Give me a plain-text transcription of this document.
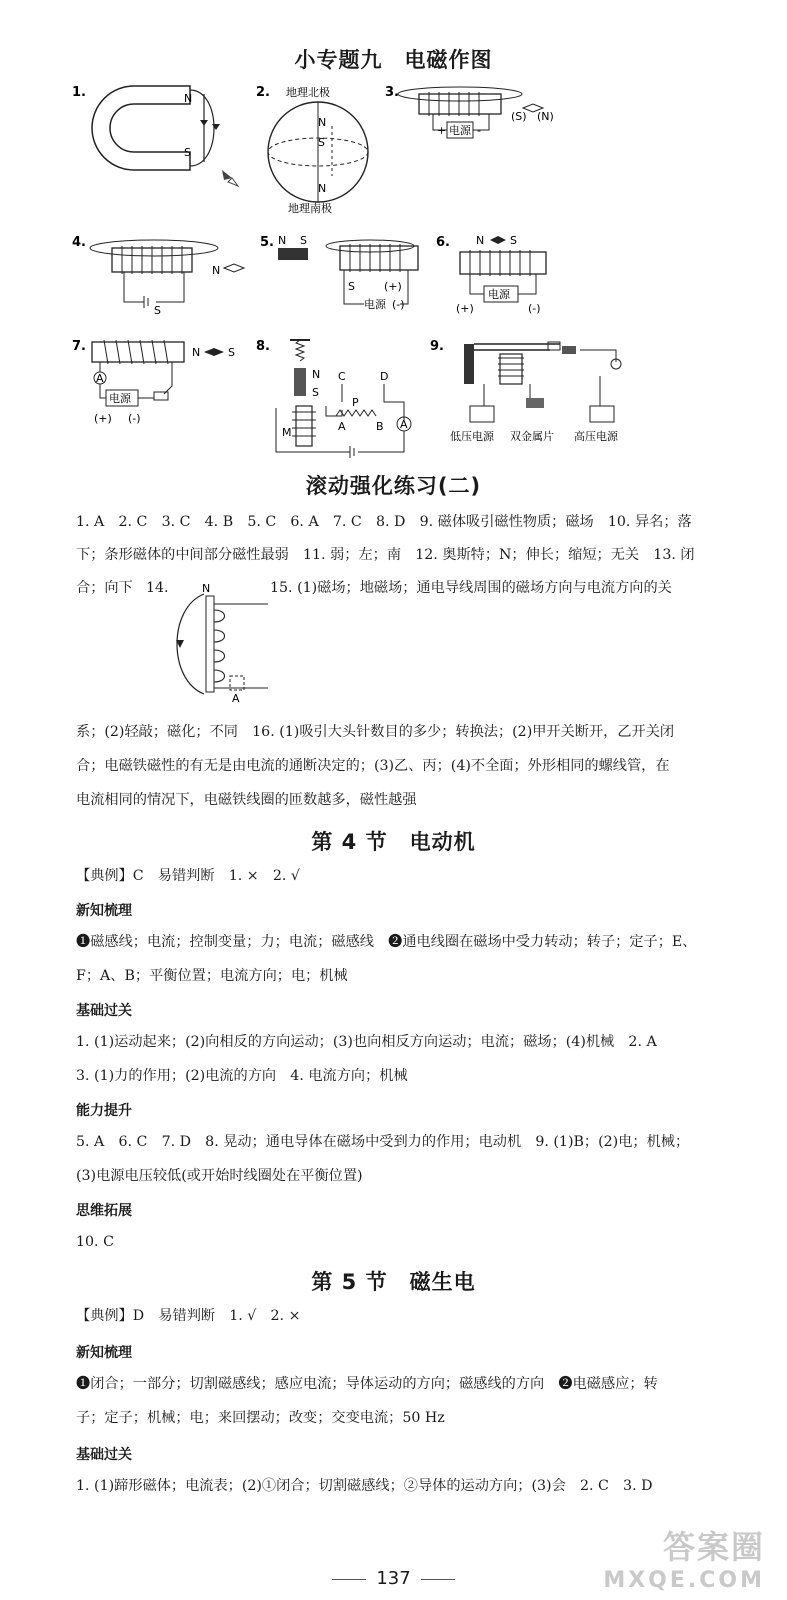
小专题九　电磁作图
1.	N
S
2. 地理北极
N
S
N
地理南极
3.
电源
+	-
(S) (N)
4.
S
N
5. N S
S	(+)
电源 (-)
6. N S
电源
(+)	(-)
7.	N	S
A
电源
(+) (-)
8.
N
S
M
C	D
P
A	B A
9.
低压电源 双金属片 高压电源
滚动强化练习(二)
1. A　2. C　3. C　4. B　5. C　6. A　7. C　8. D　9. 磁体吸引磁性物质；磁场　10. 异名；落
下；条形磁体的中间部分磁性最弱　11. 弱；左；南　12. 奥斯特；N；伸长；缩短；无关　13. 闭
合；向下 14.	15. (1)磁场；地磁场；通电导线周围的磁场方向与电流方向的关
N
A
系；(2)轻敲；磁化；不同　16. (1)吸引大头针数目的多少；转换法；(2)甲开关断开，乙开关闭
合；电磁铁磁性的有无是由电流的通断决定的；(3)乙、丙；(4)不全面；外形相同的螺线管，在
电流相同的情况下，电磁铁线圈的匝数越多，磁性越强
第 4 节　电动机
【典例】C　易错判断　1. ×　2. √
新知梳理
❶磁感线；电流；控制变量；力；电流；磁感线　❷通电线圈在磁场中受力转动；转子；定子；E、
F；A、B；平衡位置；电流方向；电；机械
基础过关
1. (1)运动起来；(2)向相反的方向运动；(3)也向相反方向运动；电流；磁场；(4)机械　2. A
3. (1)力的作用；(2)电流的方向　4. 电流方向；机械
能力提升
5. A　6. C　7. D　8. 晃动；通电导体在磁场中受到力的作用；电动机　9. (1)B；(2)电；机械；
(3)电源电压较低(或开始时线圈处在平衡位置)
思维拓展
10. C
第 5 节　磁生电
【典例】D　易错判断　1. √　2. ×
新知梳理
❶闭合；一部分；切割磁感线；感应电流；导体运动的方向；磁感线的方向　❷电磁感应；转
子；定子；机械；电；来回摆动；改变；交变电流；50 Hz
基础过关
1. (1)蹄形磁体；电流表；(2)①闭合；切割磁感线；②导体的运动方向；(3)会　2. C　3. D
137
答案圈
MXQE.COM
